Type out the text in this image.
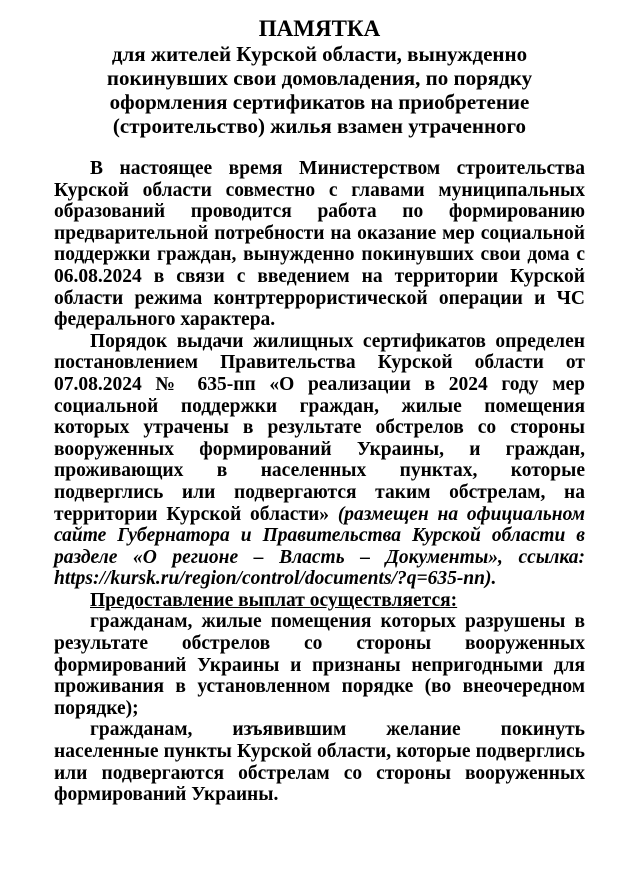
ПАМЯТКА

для жителей Курской области, вынужденно

покинувших свои домовладения, по порядку

оформления сертификатов на приобретение

(строительство) жилья взамен утраченного

В настоящее время Министерством строительства Курской области совместно с главами муниципальных образований проводится работа по формированию предварительной потребности на оказание мер социальной поддержки граждан, вынужденно покинувших свои дома с 06.08.2024 в связи с введением на территории Курской области режима контртеррористической операции и ЧС федерального характера.

Порядок выдачи жилищных сертификатов определен постановлением Правительства Курской области от 07.08.2024 № 635-пп «О реализации в 2024 году мер социальной поддержки граждан, жилые помещения которых утрачены в результате обстрелов со стороны вооруженных формирований Украины, и граждан, проживающих в населенных пунктах, которые подверглись или подвергаются таким обстрелам, на территории Курской области» (размещен на официальном сайте Губернатора и Правительства Курской области в разделе «О регионе – Власть – Документы», ссылка: https://kursk.ru/region/control/documents/?q=635-пп).

Предоставление выплат осуществляется:

гражданам, жилые помещения которых разрушены в результате обстрелов со стороны вооруженных формирований Украины и признаны непригодными для проживания в установленном порядке (во внеочередном порядке);

гражданам, изъявившим желание покинуть населенные пункты Курской области, которые подверглись или подвергаются обстрелам со стороны вооруженных формирований Украины.
